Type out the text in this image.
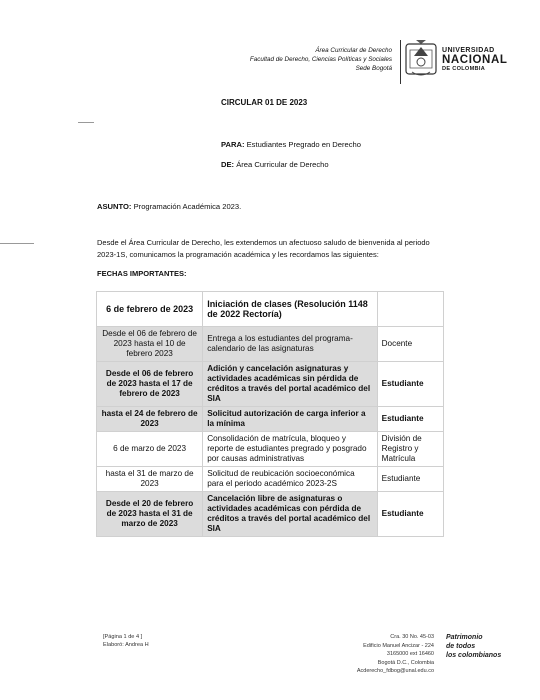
Área Curricular de Derecho
Facultad de Derecho, Ciencias Políticas y Sociales
Sede Bogotá
UNIVERSIDAD
NACIONAL
DE COLOMBIA
CIRCULAR 01 DE 2023
PARA: Estudiantes Pregrado en Derecho
DE: Área Curricular de Derecho
ASUNTO: Programación Académica 2023.
Desde el Área Curricular de Derecho, les extendemos un afectuoso saludo de bienvenida al periodo 2023-1S, comunicamos la programación académica y les recordamos las siguientes:
FECHAS IMPORTANTES:
6 de febrero de 2023	Iniciación de clases (Resolución 1148 de 2022 Rectoría)	
Desde el 06 de febrero de 2023 hasta el 10 de febrero 2023	Entrega a los estudiantes del programa-calendario de las asignaturas	Docente
Desde el 06 de febrero de 2023 hasta el 17 de febrero de 2023	Adición y cancelación asignaturas y actividades académicas sin pérdida de créditos a través del portal académico del SIA	Estudiante
hasta el 24 de febrero de 2023	Solicitud autorización de carga inferior a la mínima	Estudiante
6 de marzo de 2023	Consolidación de matrícula, bloqueo y reporte de estudiantes pregrado y posgrado por causas administrativas	División de Registro y Matrícula
hasta el 31 de marzo de 2023	Solicitud de reubicación socioeconómica para el periodo académico 2023-2S	Estudiante
Desde el 20 de febrero de 2023 hasta el 31 de marzo de 2023	Cancelación libre de asignaturas o actividades académicas con pérdida de créditos a través del portal académico del SIA	Estudiante
[Página 1 de 4 ]
Elaboró: Andrea H
Cra. 30 No. 45-03
Edificio Manuel Ancizar - 224
3165000 ext 16460
Bogotá D.C., Colombia
Acderecho_fdbog@unal.edu.co
Patrimonio
de todos
los colombianos
